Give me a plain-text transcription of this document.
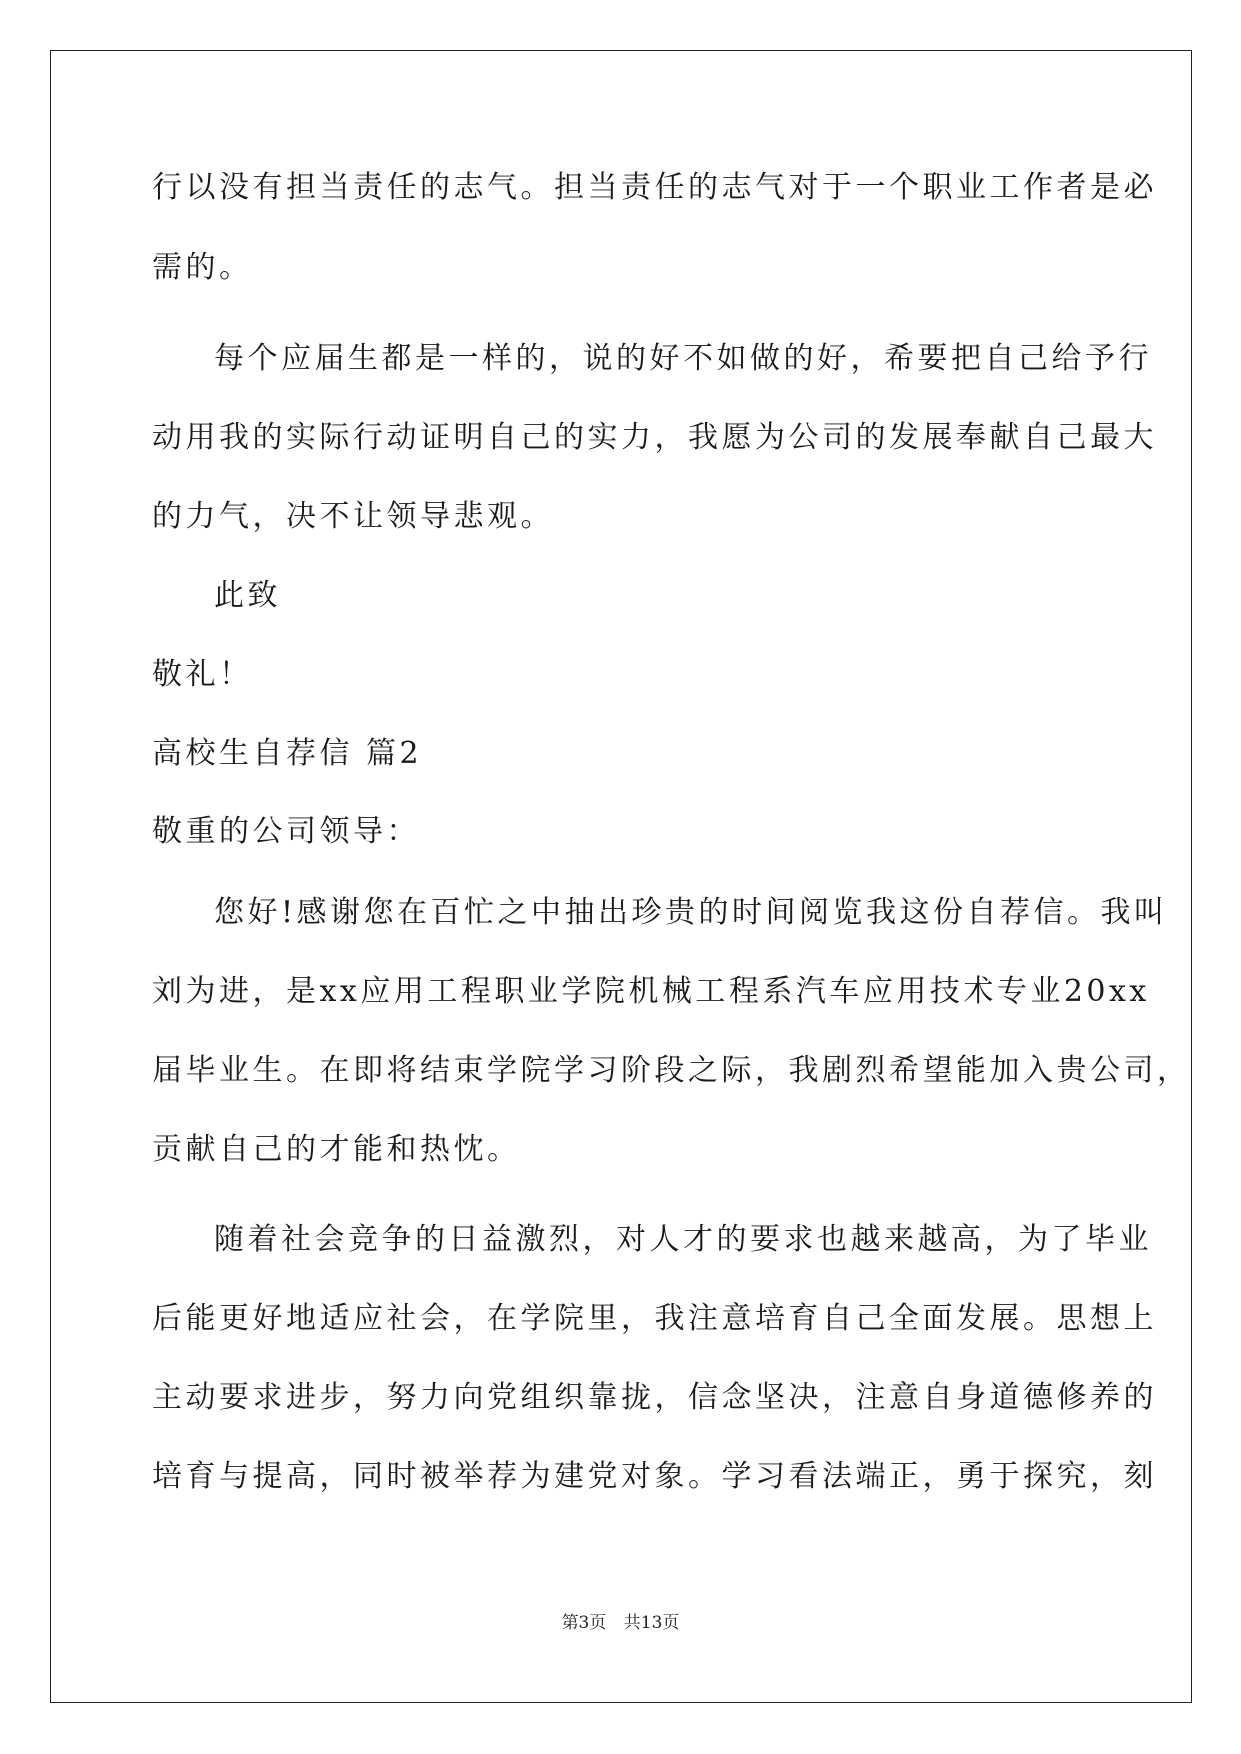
行以没有担当责任的志气。担当责任的志气对于一个职业工作者是必
需的。
每个应届生都是一样的，说的好不如做的好，希要把自己给予行
动用我的实际行动证明自己的实力，我愿为公司的发展奉献自己最大
的力气，决不让领导悲观。
此致
敬礼！
高校生自荐信 篇2
敬重的公司领导：
您好!感谢您在百忙之中抽出珍贵的时间阅览我这份自荐信。我叫
刘为进，是xx应用工程职业学院机械工程系汽车应用技术专业20xx
届毕业生。在即将结束学院学习阶段之际，我剧烈希望能加入贵公司，
贡献自己的才能和热忱。
随着社会竞争的日益激烈，对人才的要求也越来越高，为了毕业
后能更好地适应社会，在学院里，我注意培育自己全面发展。思想上
主动要求进步，努力向党组织靠拢，信念坚决，注意自身道德修养的
培育与提高，同时被举荐为建党对象。学习看法端正，勇于探究，刻
第3页 共13页
